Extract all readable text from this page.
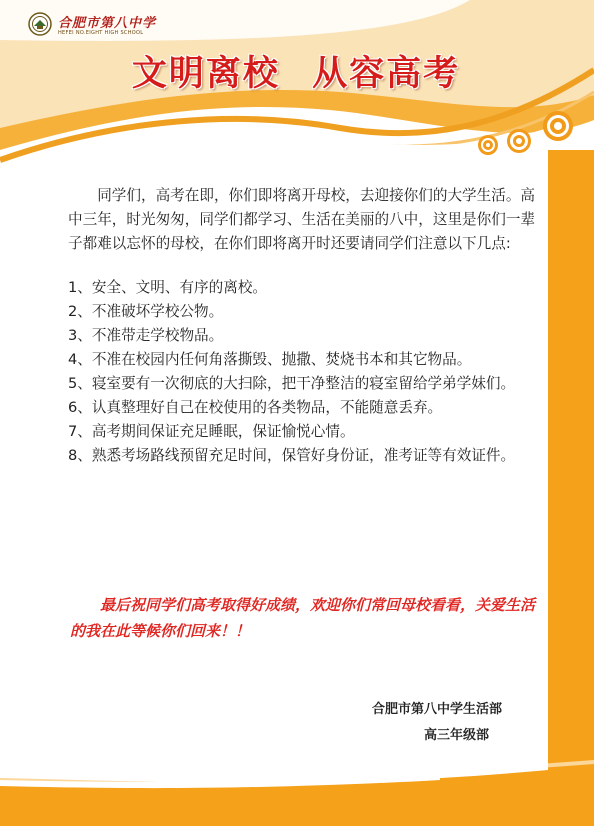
合肥市第八中学
HEFEI NO.EIGHT HIGH SCHOOL
文明离校 从容高考

同学们，高考在即，你们即将离开母校，去迎接你们的大学生活。高中三年，时光匆匆，同学们都学习、生活在美丽的八中，这里是你们一辈子都难以忘怀的母校，在你们即将离开时还要请同学们注意以下几点:

1、安全、文明、有序的离校。
2、不准破坏学校公物。
3、不准带走学校物品。
4、不准在校园内任何角落撕毁、抛撒、焚烧书本和其它物品。
5、寝室要有一次彻底的大扫除，把干净整洁的寝室留给学弟学妹们。
6、认真整理好自己在校使用的各类物品，不能随意丢弃。
7、高考期间保证充足睡眠，保证愉悦心情。
8、熟悉考场路线预留充足时间，保管好身份证，准考证等有效证件。
最后祝同学们高考取得好成绩，欢迎你们常回母校看看，关爱生活的我在此等候你们回来！！
合肥市第八中学生活部
高三年级部
